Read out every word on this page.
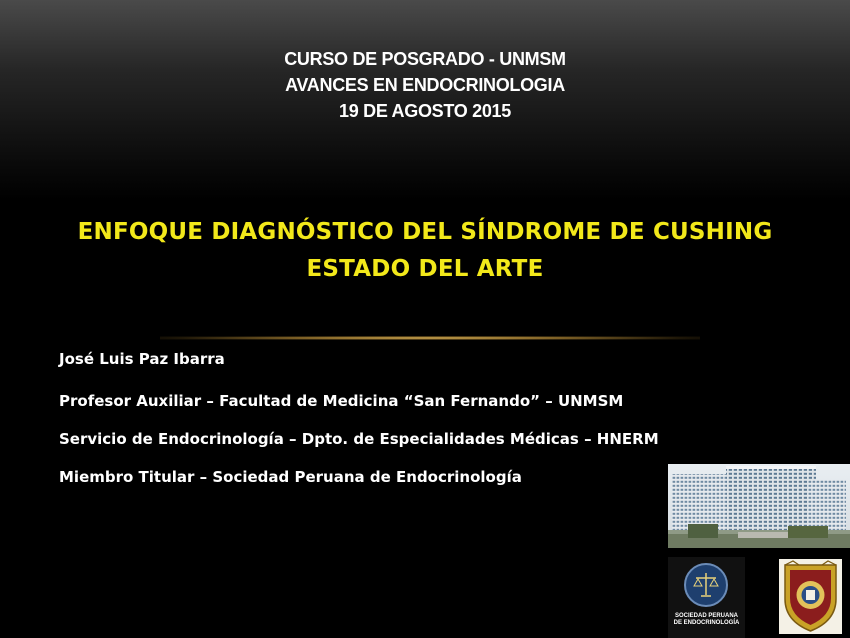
CURSO DE POSGRADO - UNMSM
AVANCES EN ENDOCRINOLOGIA
19 DE AGOSTO 2015
ENFOQUE DIAGNÓSTICO DEL SÍNDROME DE CUSHING
ESTADO DEL ARTE
José Luis Paz Ibarra
Profesor Auxiliar – Facultad de Medicina “San Fernando” – UNMSM
Servicio de Endocrinología – Dpto. de Especialidades Médicas – HNERM
Miembro Titular – Sociedad Peruana de Endocrinología
SOCIEDAD PERUANA
DE ENDOCRINOLOGÍA
